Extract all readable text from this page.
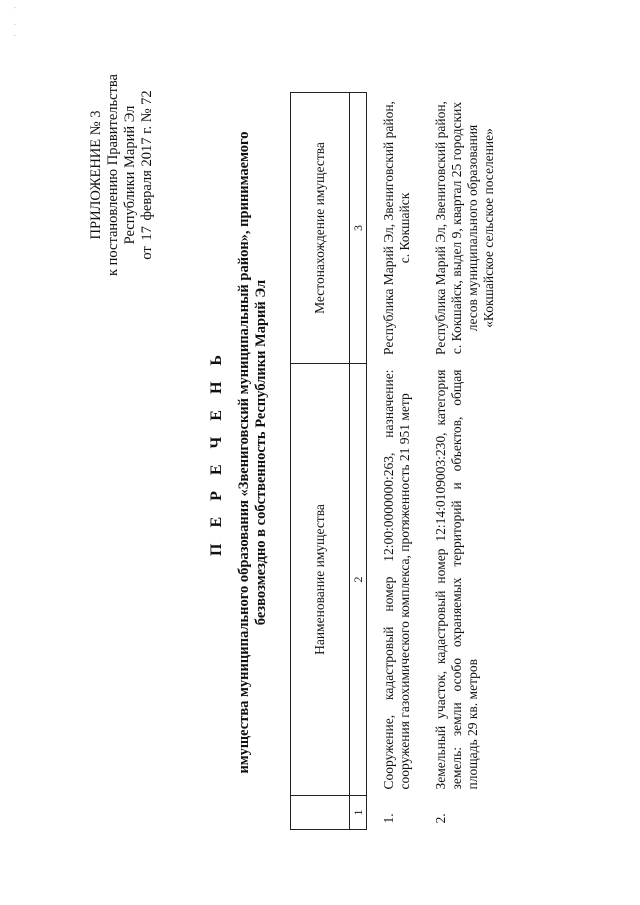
· ·  ·
ПРИЛОЖЕНИЕ № 3 к постановлению Правительства Республики Марий Эл
от 17 февраля 2017 г. № 72
П Е Р Е Ч Е Н Ь имущества муниципального образования «Звениговский муниципальный район», принимаемого безвозмездно в собственность Республики Марий Эл
		Наименование имущества	Местонахождение имущества
1	2	3
1.	Сооружение, кадастровый номер 12:00:0000000:263, назначение: сооружения газохимического комплекса, протяженность 21 951 метр	Республика Марий Эл, Звениговский район, с. Кокшайск
2.	Земельный участок, кадастровый номер 12:14:0109003:230, категория земель: земли особо охраняемых территорий и объектов, общая площадь 29 кв. метров	Республика Марий Эл, Звениговский район, с. Кокшайск, выдел 9, квартал 25 городских лесов муниципального образования «Кокшайское сельское поселение»
